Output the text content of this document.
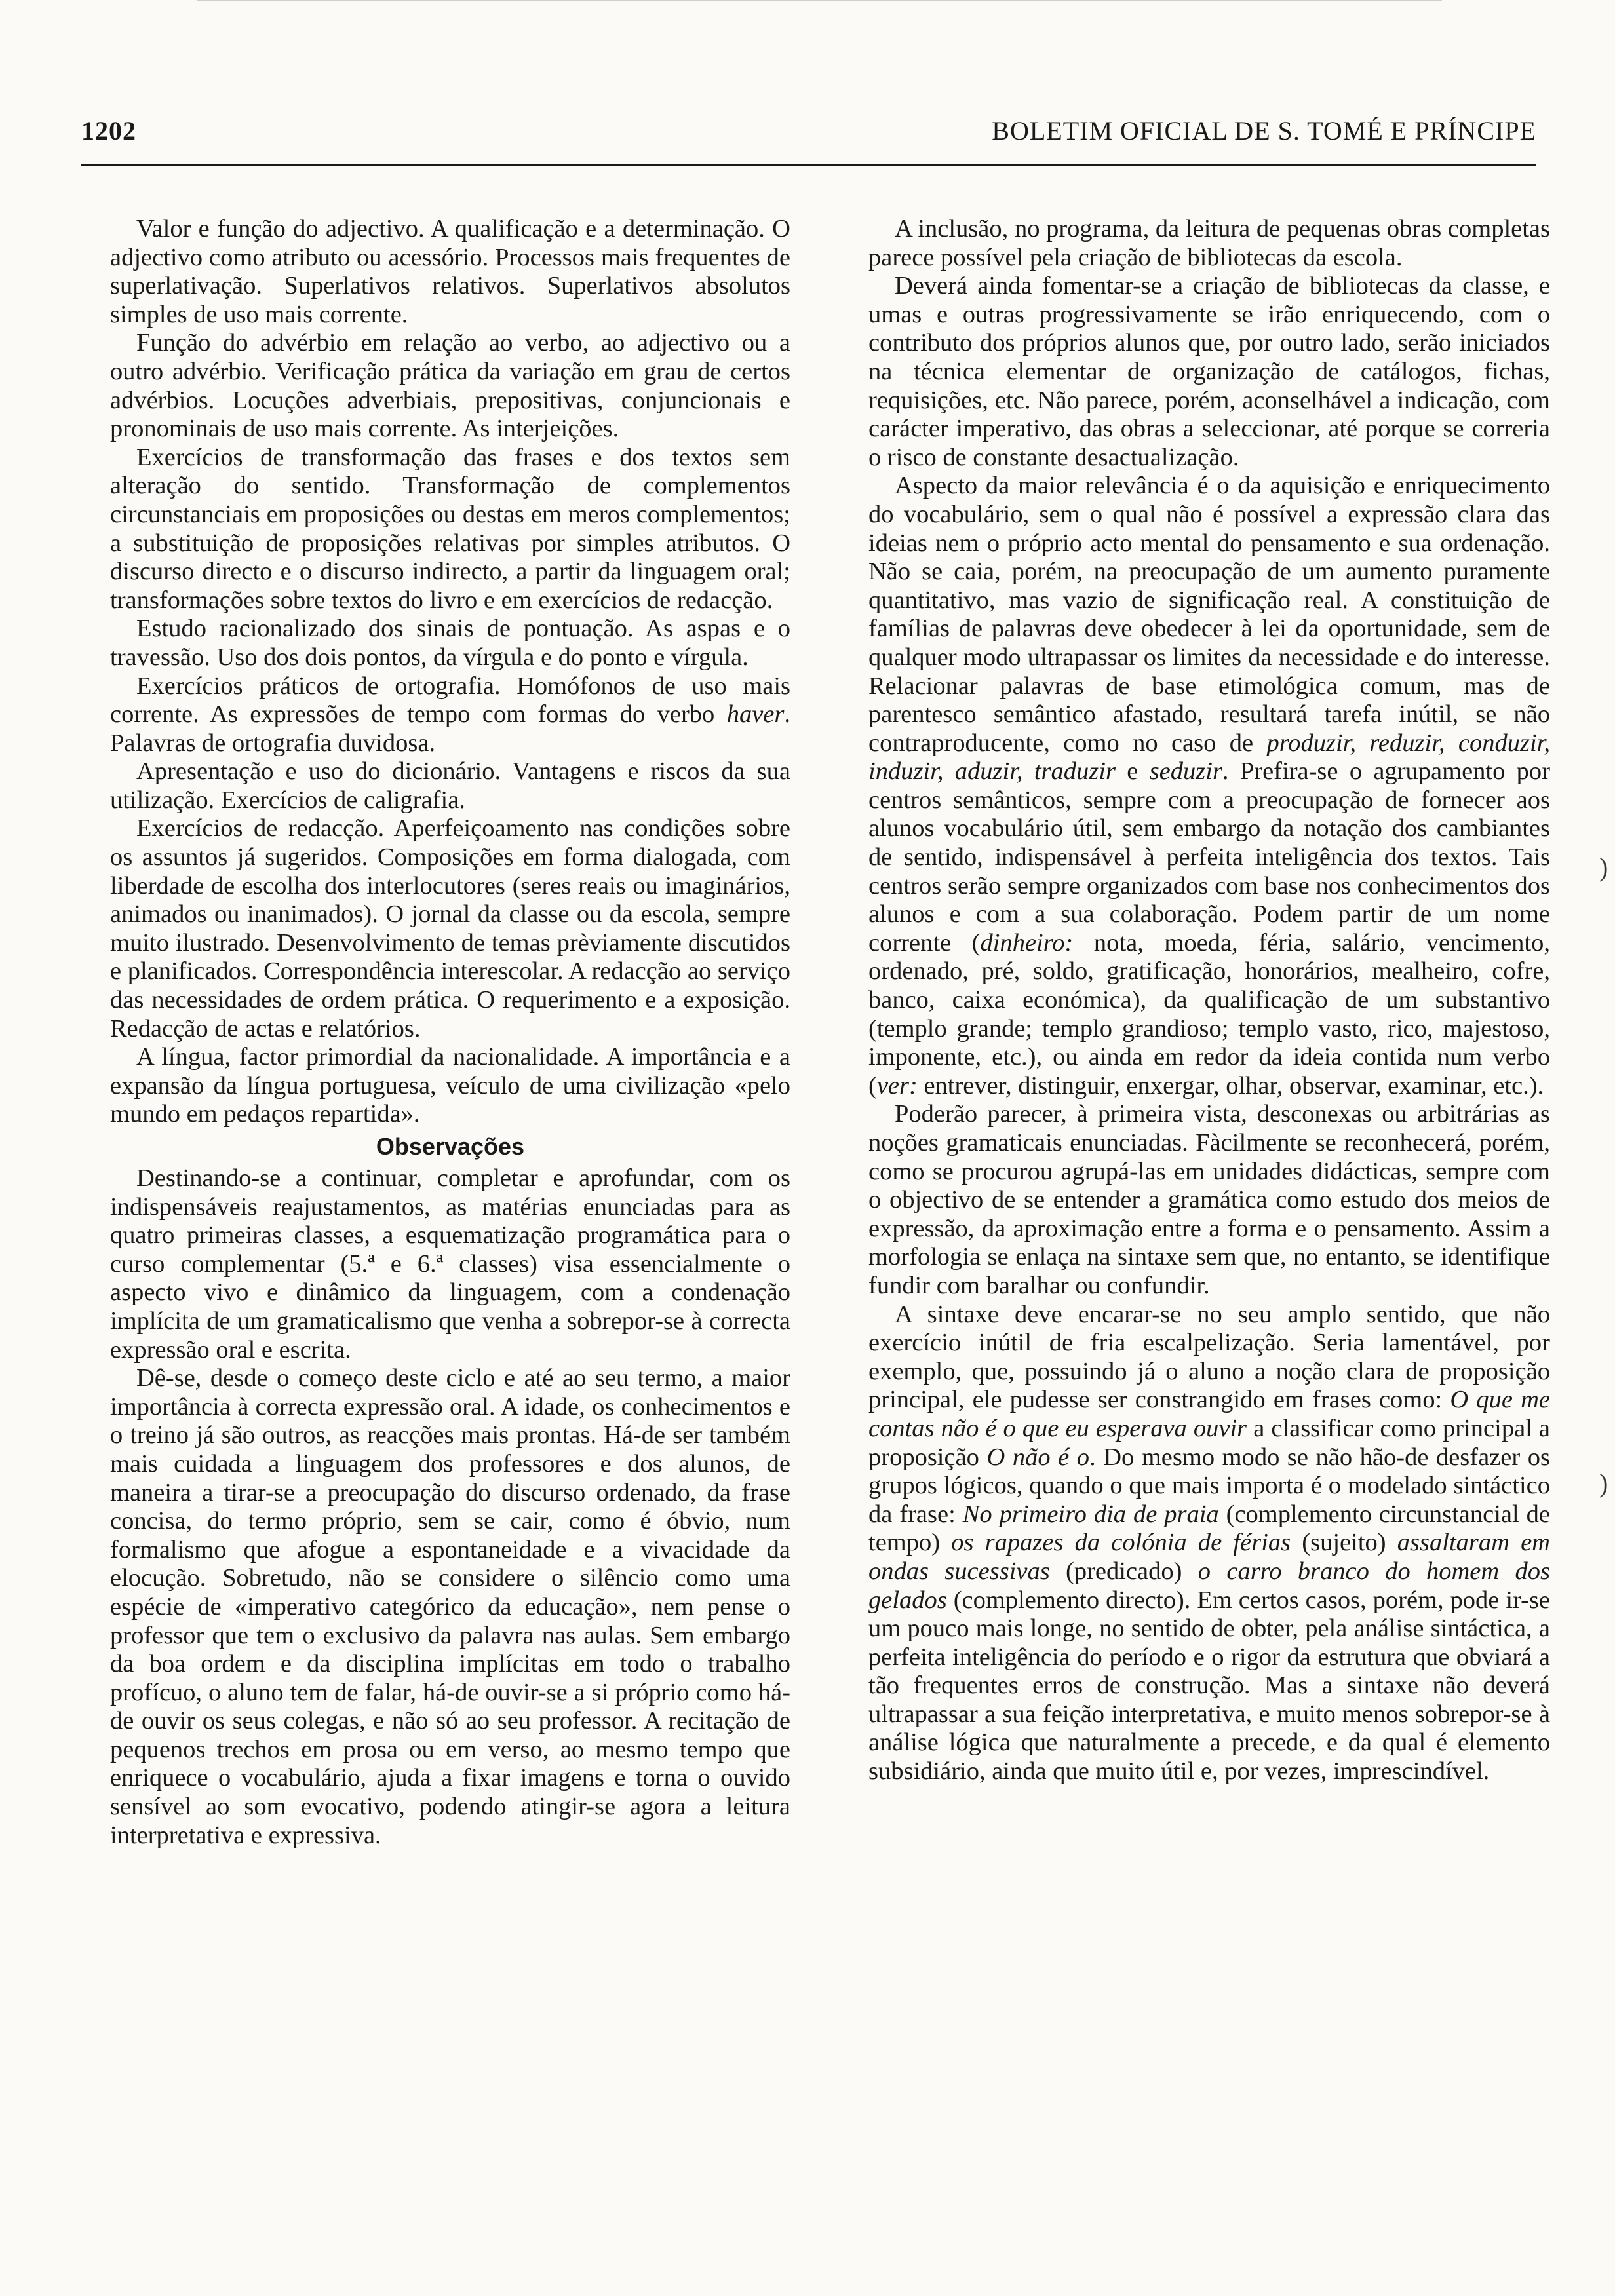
1202	BOLETIM OFICIAL DE S. TOMÉ E PRÍNCIPE

Valor e função do adjectivo. A qualificação e a determinação. O adjectivo como atributo ou acessório. Processos mais frequentes de superlativação. Superlativos relativos. Superlativos absolutos simples de uso mais corrente.

Função do advérbio em relação ao verbo, ao adjectivo ou a outro advérbio. Verificação prática da variação em grau de certos advérbios. Locuções adverbiais, prepositivas, conjuncionais e pronominais de uso mais corrente. As interjeições.

Exercícios de transformação das frases e dos textos sem alteração do sentido. Transformação de complementos circunstanciais em proposições ou destas em meros complementos; a substituição de proposições relativas por simples atributos. O discurso directo e o discurso indirecto, a partir da linguagem oral; transformações sobre textos do livro e em exercícios de redacção.

Estudo racionalizado dos sinais de pontuação. As aspas e o travessão. Uso dos dois pontos, da vírgula e do ponto e vírgula.

Exercícios práticos de ortografia. Homófonos de uso mais corrente. As expressões de tempo com formas do verbo haver. Palavras de ortografia duvidosa.

Apresentação e uso do dicionário. Vantagens e riscos da sua utilização. Exercícios de caligrafia.

Exercícios de redacção. Aperfeiçoamento nas condições sobre os assuntos já sugeridos. Composições em forma dialogada, com liberdade de escolha dos interlocutores (seres reais ou imaginários, animados ou inanimados). O jornal da classe ou da escola, sempre muito ilustrado. Desenvolvimento de temas prèviamente discutidos e planificados. Correspondência interescolar. A redacção ao serviço das necessidades de ordem prática. O requerimento e a exposição. Redacção de actas e relatórios.

A língua, factor primordial da nacionalidade. A importância e a expansão da língua portuguesa, veículo de uma civilização «pelo mundo em pedaços repartida».

Observações

Destinando-se a continuar, completar e aprofundar, com os indispensáveis reajustamentos, as matérias enunciadas para as quatro primeiras classes, a esquematização programática para o curso complementar (5.ª e 6.ª classes) visa essencialmente o aspecto vivo e dinâmico da linguagem, com a condenação implícita de um gramaticalismo que venha a sobrepor-se à correcta expressão oral e escrita.

Dê-se, desde o começo deste ciclo e até ao seu termo, a maior importância à correcta expressão oral. A idade, os conhecimentos e o treino já são outros, as reacções mais prontas. Há-de ser também mais cuidada a linguagem dos professores e dos alunos, de maneira a tirar-se a preocupação do discurso ordenado, da frase concisa, do termo próprio, sem se cair, como é óbvio, num formalismo que afogue a espontaneidade e a vivacidade da elocução. Sobretudo, não se considere o silêncio como uma espécie de «imperativo categórico da educação», nem pense o professor que tem o exclusivo da palavra nas aulas. Sem embargo da boa ordem e da disciplina implícitas em todo o trabalho profícuo, o aluno tem de falar, há-de ouvir-se a si próprio como há-de ouvir os seus colegas, e não só ao seu professor. A recitação de pequenos trechos em prosa ou em verso, ao mesmo tempo que enriquece o vocabulário, ajuda a fixar imagens e torna o ouvido sensível ao som evocativo, podendo atingir-se agora a leitura interpretativa e expressiva.

A inclusão, no programa, da leitura de pequenas obras completas parece possível pela criação de bibliotecas da escola.

Deverá ainda fomentar-se a criação de bibliotecas da classe, e umas e outras progressivamente se irão enriquecendo, com o contributo dos próprios alunos que, por outro lado, serão iniciados na técnica elementar de organização de catálogos, fichas, requisições, etc. Não parece, porém, aconselhável a indicação, com carácter imperativo, das obras a seleccionar, até porque se correria o risco de constante desactualização.

Aspecto da maior relevância é o da aquisição e enriquecimento do vocabulário, sem o qual não é possível a expressão clara das ideias nem o próprio acto mental do pensamento e sua ordenação. Não se caia, porém, na preocupação de um aumento puramente quantitativo, mas vazio de significação real. A constituição de famílias de palavras deve obedecer à lei da oportunidade, sem de qualquer modo ultrapassar os limites da necessidade e do interesse. Relacionar palavras de base etimológica comum, mas de parentesco semântico afastado, resultará tarefa inútil, se não contraproducente, como no caso de produzir, reduzir, conduzir, induzir, aduzir, traduzir e seduzir. Prefira-se o agrupamento por centros semânticos, sempre com a preocupação de fornecer aos alunos vocabulário útil, sem embargo da notação dos cambiantes de sentido, indispensável à perfeita inteligência dos textos. Tais centros serão sempre organizados com base nos conhecimentos dos alunos e com a sua colaboração. Podem partir de um nome corrente (dinheiro: nota, moeda, féria, salário, vencimento, ordenado, pré, soldo, gratificação, honorários, mealheiro, cofre, banco, caixa económica), da qualificação de um substantivo (templo grande; templo grandioso; templo vasto, rico, majestoso, imponente, etc.), ou ainda em redor da ideia contida num verbo (ver: entrever, distinguir, enxergar, olhar, observar, examinar, etc.).

Poderão parecer, à primeira vista, desconexas ou arbitrárias as noções gramaticais enunciadas. Fàcilmente se reconhecerá, porém, como se procurou agrupá-las em unidades didácticas, sempre com o objectivo de se entender a gramática como estudo dos meios de expressão, da aproximação entre a forma e o pensamento. Assim a morfologia se enlaça na sintaxe sem que, no entanto, se identifique fundir com baralhar ou confundir.

A sintaxe deve encarar-se no seu amplo sentido, que não exercício inútil de fria escalpelização. Seria lamentável, por exemplo, que, possuindo já o aluno a noção clara de proposição principal, ele pudesse ser constrangido em frases como: O que me contas não é o que eu esperava ouvir a classificar como principal a proposição O não é o. Do mesmo modo se não hão-de desfazer os grupos lógicos, quando o que mais importa é o modelado sintáctico da frase: No primeiro dia de praia (complemento circunstancial de tempo) os rapazes da colónia de férias (sujeito) assaltaram em ondas sucessivas (predicado) o carro branco do homem dos gelados (complemento directo). Em certos casos, porém, pode ir-se um pouco mais longe, no sentido de obter, pela análise sintáctica, a perfeita inteligência do período e o rigor da estrutura que obviará a tão frequentes erros de construção. Mas a sintaxe não deverá ultrapassar a sua feição interpretativa, e muito menos sobrepor-se à análise lógica que naturalmente a precede, e da qual é elemento subsidiário, ainda que muito útil e, por vezes, imprescindível.

)
)
